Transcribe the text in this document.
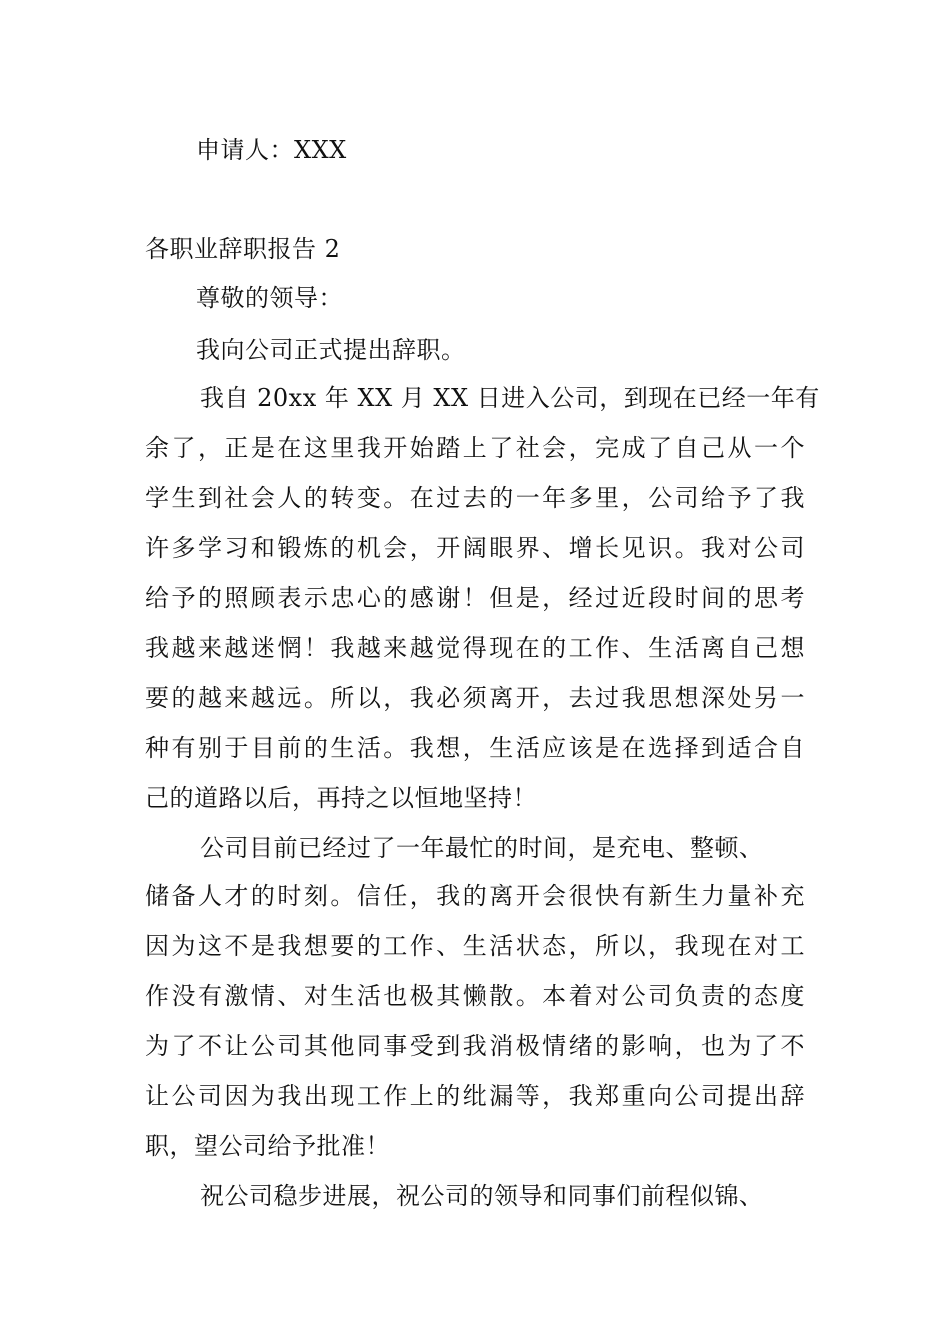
申请人：XXX
各职业辞职报告 2
尊敬的领导：
我向公司正式提出辞职。
我自 20xx 年 XX 月 XX 日进入公司，到现在已经一年有
余了，正是在这里我开始踏上了社会，完成了自己从一个
学生到社会人的转变。在过去的一年多里，公司给予了我
许多学习和锻炼的机会，开阔眼界、增长见识。我对公司
给予的照顾表示忠心的感谢！但是，经过近段时间的思考
我越来越迷惘！我越来越觉得现在的工作、生活离自己想
要的越来越远。所以，我必须离开，去过我思想深处另一
种有别于目前的生活。我想，生活应该是在选择到适合自
己的道路以后，再持之以恒地坚持！
公司目前已经过了一年最忙的时间，是充电、整顿、
储备人才的时刻。信任，我的离开会很快有新生力量补充
因为这不是我想要的工作、生活状态，所以，我现在对工
作没有激情、对生活也极其懒散。本着对公司负责的态度
为了不让公司其他同事受到我消极情绪的影响，也为了不
让公司因为我出现工作上的纰漏等，我郑重向公司提出辞
职，望公司给予批准！
祝公司稳步进展，祝公司的领导和同事们前程似锦、
